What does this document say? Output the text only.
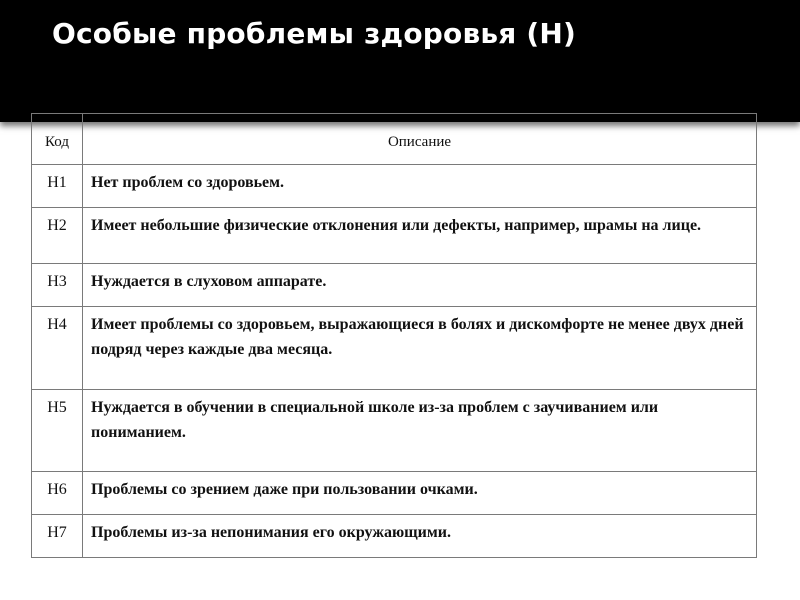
Особые проблемы здоровья (H)
Код	Описание
H1	Нет проблем со здоровьем.
H2	Имеет небольшие физические отклонения или дефекты, например, шрамы на лице.
H3	Нуждается в слуховом аппарате.
H4	Имеет проблемы со здоровьем, выражающиеся в болях и дискомфорте не менее двух дней подряд через каждые два месяца.
H5	Нуждается в обучении в специальной школе из-за проблем с заучиванием или пониманием.
H6	Проблемы со зрением даже при пользовании очками.
H7	Проблемы из-за непонимания его окружающими.
